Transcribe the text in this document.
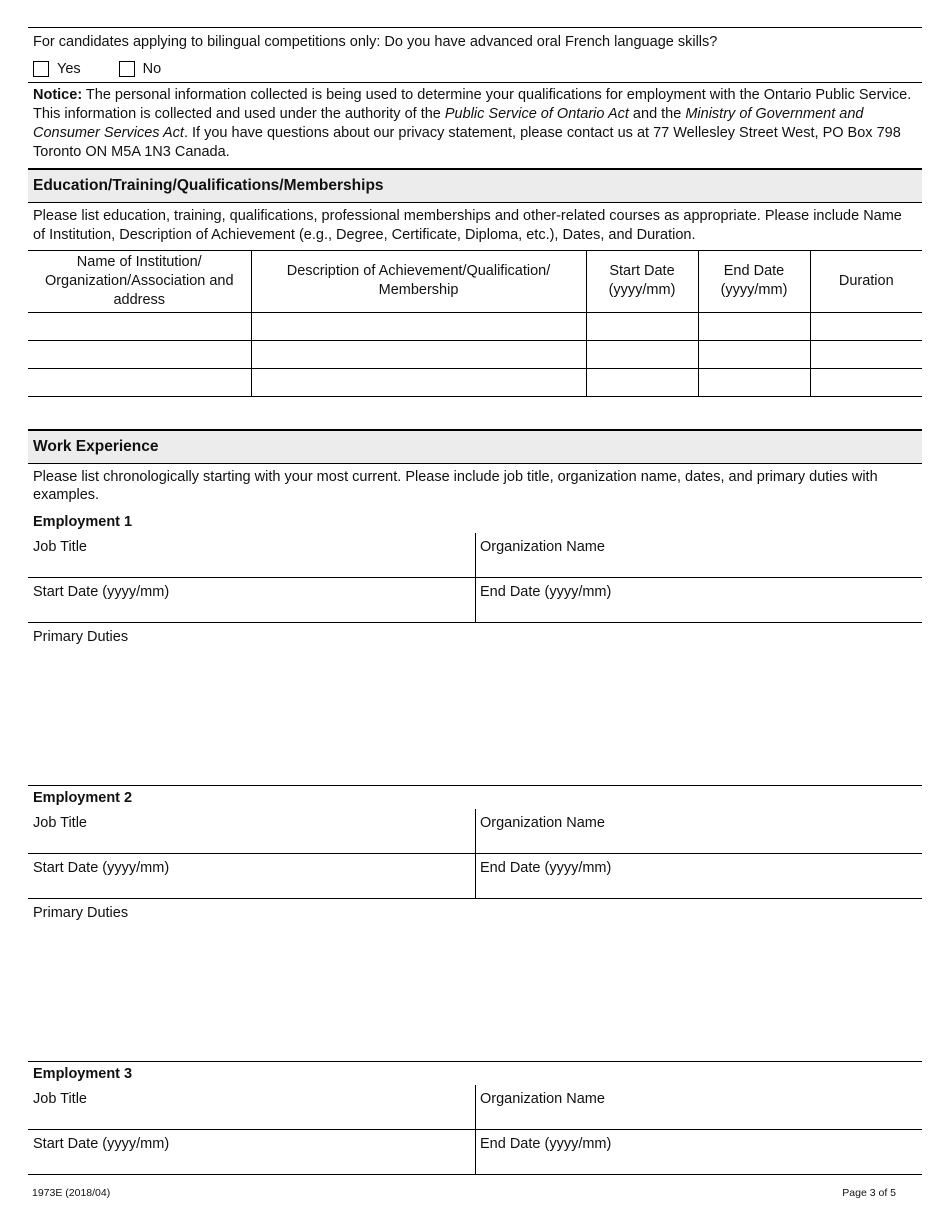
For candidates applying to bilingual competitions only: Do you have advanced oral French language skills?
Yes	No
Notice: The personal information collected is being used to determine your qualifications for employment with the Ontario Public Service. This information is collected and used under the authority of the Public Service of Ontario Act and the Ministry of Government and Consumer Services Act. If you have questions about our privacy statement, please contact us at 77 Wellesley Street West, PO Box 798 Toronto ON M5A 1N3 Canada.
Education/Training/Qualifications/Memberships
Please list education, training, qualifications, professional memberships and other-related courses as appropriate. Please include Name of Institution, Description of Achievement (e.g., Degree, Certificate, Diploma, etc.), Dates, and Duration.
Name of Institution/ Organization/Association and address	Description of Achievement/Qualification/ Membership	Start Date (yyyy/mm)	End Date (yyyy/mm)	Duration

Work Experience
Please list chronologically starting with your most current. Please include job title, organization name, dates, and primary duties with examples.
Employment 1
Job Title	Organization Name
Start Date (yyyy/mm)	End Date (yyyy/mm)
Primary Duties
Employment 2
Job Title	Organization Name
Start Date (yyyy/mm)	End Date (yyyy/mm)
Primary Duties
Employment 3
Job Title	Organization Name
Start Date (yyyy/mm)	End Date (yyyy/mm)
1973E (2018/04)	Page 3 of 5
